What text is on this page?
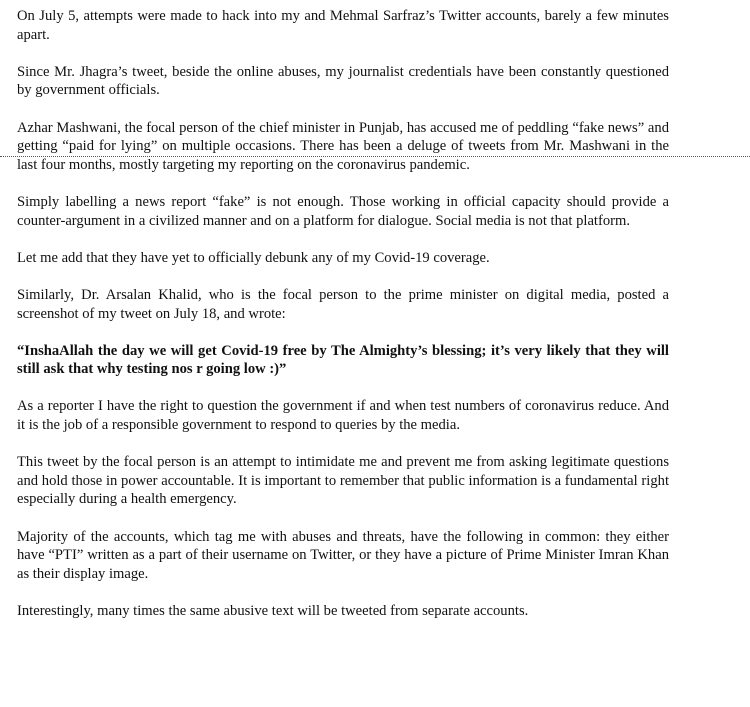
On July 5, attempts were made to hack into my and Mehmal Sarfraz’s Twitter accounts, barely a few minutes apart.

Since Mr. Jhagra’s tweet, beside the online abuses, my journalist credentials have been constantly questioned by government officials.

Azhar Mashwani, the focal person of the chief minister in Punjab, has accused me of peddling “fake news” and getting “paid for lying” on multiple occasions. There has been a deluge of tweets from Mr. Mashwani in the last four months, mostly targeting my reporting on the coronavirus pandemic.

Simply labelling a news report “fake” is not enough. Those working in official capacity should provide a counter-argument in a civilized manner and on a platform for dialogue. Social media is not that platform.

Let me add that they have yet to officially debunk any of my Covid-19 coverage.

Similarly, Dr. Arsalan Khalid, who is the focal person to the prime minister on digital media, posted a screenshot of my tweet on July 18, and wrote:

“InshaAllah the day we will get Covid-19 free by The Almighty’s blessing; it’s very likely that they will still ask that why testing nos r going low :)”

As a reporter I have the right to question the government if and when test numbers of coronavirus reduce. And it is the job of a responsible government to respond to queries by the media.

This tweet by the focal person is an attempt to intimidate me and prevent me from asking legitimate questions and hold those in power accountable. It is important to remember that public information is a fundamental right especially during a health emergency.

Majority of the accounts, which tag me with abuses and threats, have the following in common: they either have “PTI” written as a part of their username on Twitter, or they have a picture of Prime Minister Imran Khan as their display image.

Interestingly, many times the same abusive text will be tweeted from separate accounts.
